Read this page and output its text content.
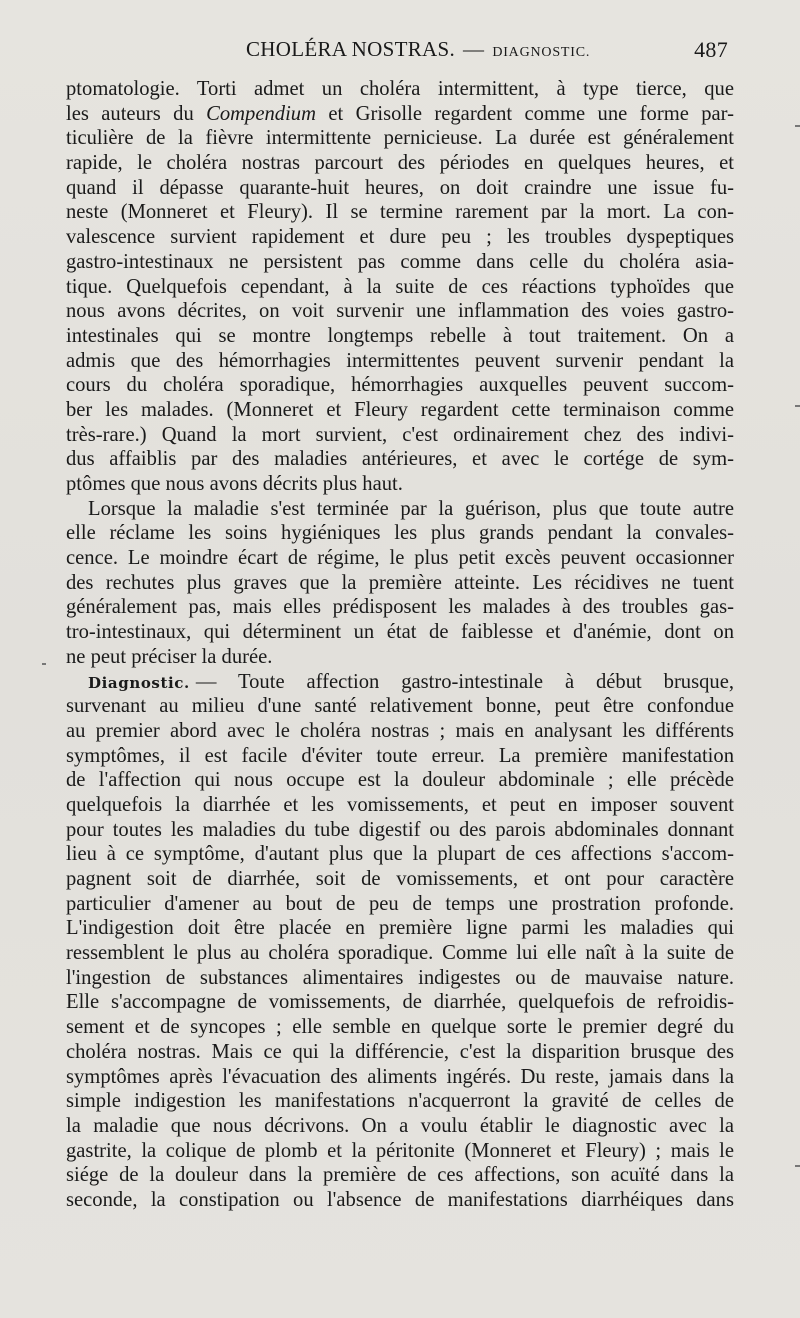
CHOLÉRA NOSTRAS. — DIAGNOSTIC.	487
ptomatologie. Torti admet un choléra intermittent, à type tierce, que
les auteurs du Compendium et Grisolle regardent comme une forme par-
ticulière de la fièvre intermittente pernicieuse. La durée est généralement
rapide, le choléra nostras parcourt des périodes en quelques heures, et
quand il dépasse quarante-huit heures, on doit craindre une issue fu-
neste (Monneret et Fleury). Il se termine rarement par la mort. La con-
valescence survient rapidement et dure peu ; les troubles dyspeptiques
gastro-intestinaux ne persistent pas comme dans celle du choléra asia-
tique. Quelquefois cependant, à la suite de ces réactions typhoïdes que
nous avons décrites, on voit survenir une inflammation des voies gastro-
intestinales qui se montre longtemps rebelle à tout traitement. On a
admis que des hémorrhagies intermittentes peuvent survenir pendant la
cours du choléra sporadique, hémorrhagies auxquelles peuvent succom-
ber les malades. (Monneret et Fleury regardent cette terminaison comme
très-rare.) Quand la mort survient, c'est ordinairement chez des indivi-
dus affaiblis par des maladies antérieures, et avec le cortége de sym-
ptômes que nous avons décrits plus haut.
Lorsque la maladie s'est terminée par la guérison, plus que toute autre
elle réclame les soins hygiéniques les plus grands pendant la convales-
cence. Le moindre écart de régime, le plus petit excès peuvent occasionner
des rechutes plus graves que la première atteinte. Les récidives ne tuent
généralement pas, mais elles prédisposent les malades à des troubles gas-
tro-intestinaux, qui déterminent un état de faiblesse et d'anémie, dont on
ne peut préciser la durée.
Diagnostic. — Toute affection gastro-intestinale à début brusque,
survenant au milieu d'une santé relativement bonne, peut être confondue
au premier abord avec le choléra nostras ; mais en analysant les différents
symptômes, il est facile d'éviter toute erreur. La première manifestation
de l'affection qui nous occupe est la douleur abdominale ; elle précède
quelquefois la diarrhée et les vomissements, et peut en imposer souvent
pour toutes les maladies du tube digestif ou des parois abdominales donnant
lieu à ce symptôme, d'autant plus que la plupart de ces affections s'accom-
pagnent soit de diarrhée, soit de vomissements, et ont pour caractère
particulier d'amener au bout de peu de temps une prostration profonde.
L'indigestion doit être placée en première ligne parmi les maladies qui
ressemblent le plus au choléra sporadique. Comme lui elle naît à la suite de
l'ingestion de substances alimentaires indigestes ou de mauvaise nature.
Elle s'accompagne de vomissements, de diarrhée, quelquefois de refroidis-
sement et de syncopes ; elle semble en quelque sorte le premier degré du
choléra nostras. Mais ce qui la différencie, c'est la disparition brusque des
symptômes après l'évacuation des aliments ingérés. Du reste, jamais dans la
simple indigestion les manifestations n'acquerront la gravité de celles de
la maladie que nous décrivons. On a voulu établir le diagnostic avec la
gastrite, la colique de plomb et la péritonite (Monneret et Fleury) ; mais le
siége de la douleur dans la première de ces affections, son acuïté dans la
seconde, la constipation ou l'absence de manifestations diarrhéiques dans
